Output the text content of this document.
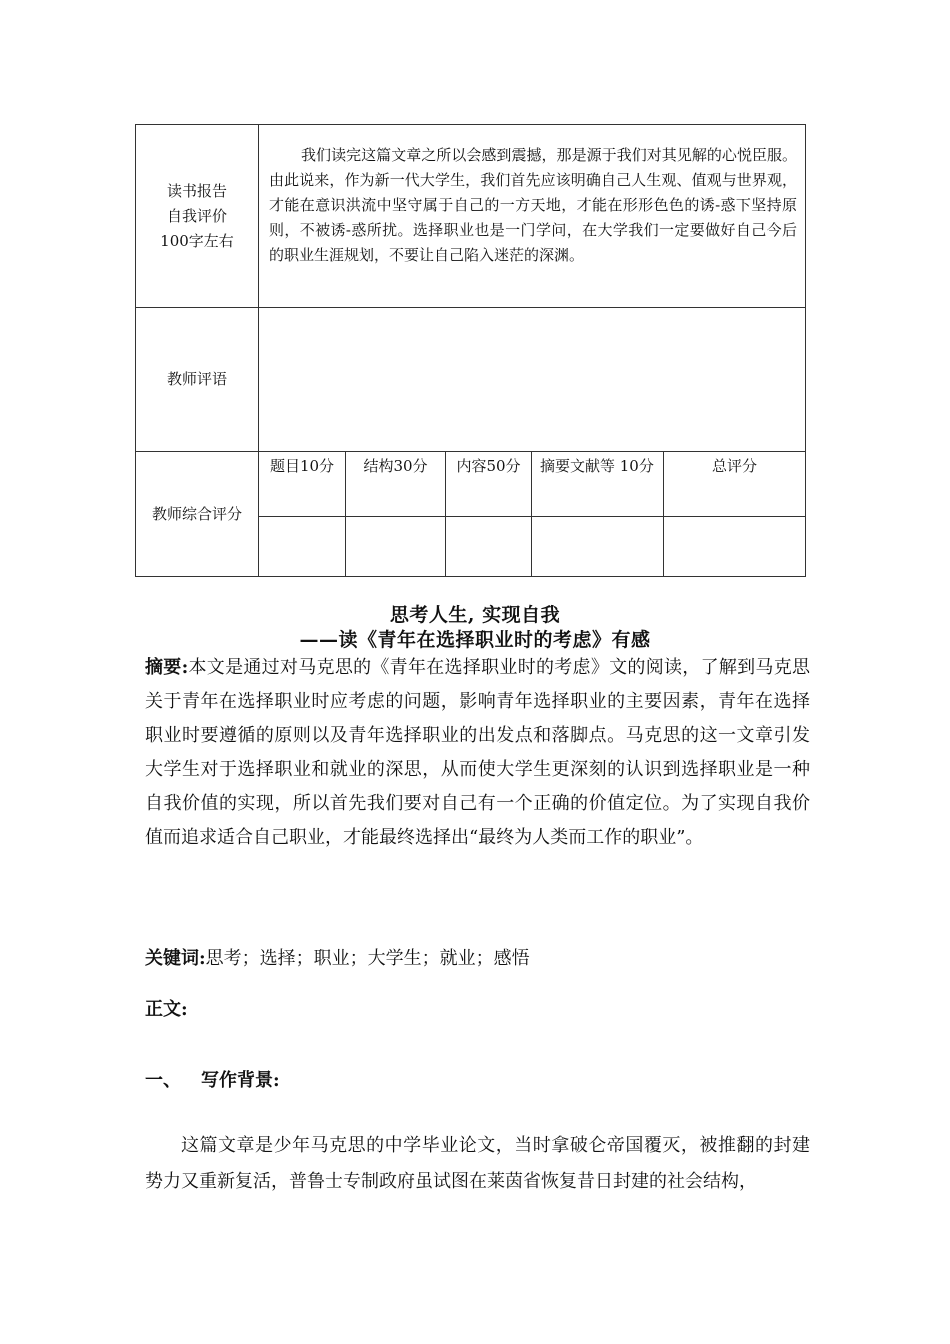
读书报告
自我评价
100字左右	我们读完这篇文章之所以会感到震撼，那是源于我们对其见解的心悦臣服。由此说来，作为新一代大学生，我们首先应该明确自己人生观、值观与世界观，才能在意识洪流中坚守属于自己的一方天地，才能在形形色色的诱-惑下坚持原则，不被诱-惑所扰。选择职业也是一门学问，在大学我们一定要做好自己今后的职业生涯规划，不要让自己陷入迷茫的深渊。				
教师评语					
教师综合评分	题目10分	结构30分	内容50分	摘要文献等 10分	总评分

思考人生, 实现自我
——读《青年在选择职业时的考虑》有感
摘要:本文是通过对马克思的《青年在选择职业时的考虑》文的阅读，了解到马克思关于青年在选择职业时应考虑的问题，影响青年选择职业的主要因素，青年在选择职业时要遵循的原则以及青年选择职业的出发点和落脚点。马克思的这一文章引发大学生对于选择职业和就业的深思，从而使大学生更深刻的认识到选择职业是一种自我价值的实现，所以首先我们要对自己有一个正确的价值定位。为了实现自我价值而追求适合自己职业，才能最终选择出“最终为人类而工作的职业”。
关键词:思考；选择；职业；大学生；就业；感悟
正文:
一、 写作背景:
这篇文章是少年马克思的中学毕业论文，当时拿破仑帝国覆灭，被推翻的封建势力又重新复活，普鲁士专制政府虽试图在莱茵省恢复昔日封建的社会结构，
